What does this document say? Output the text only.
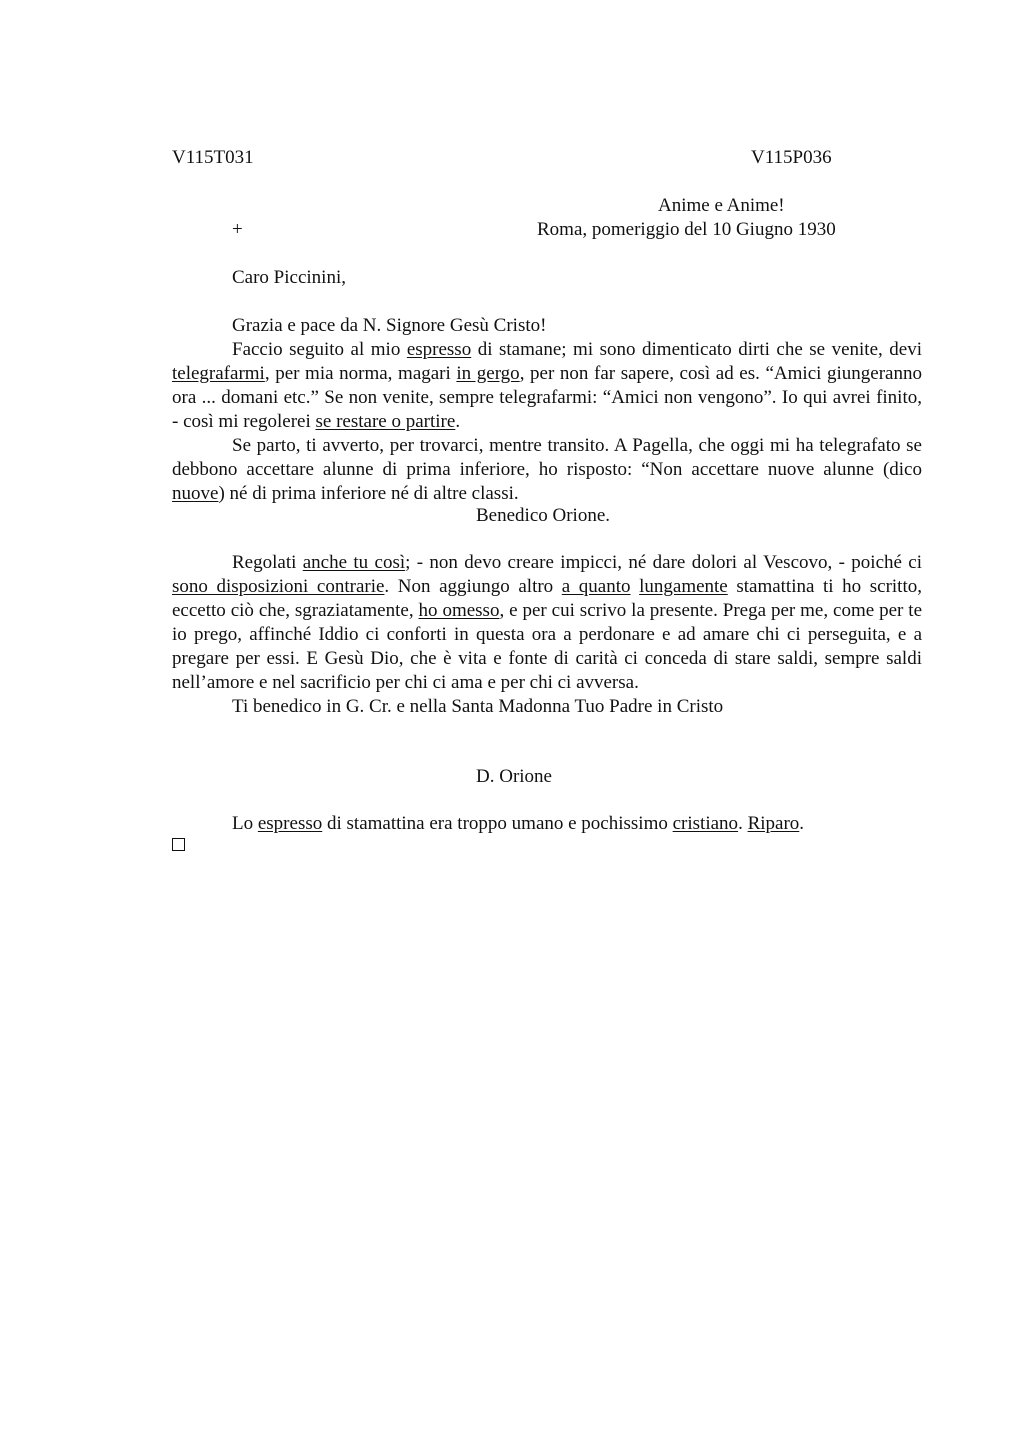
V115T031	V115P036
Anime e Anime!
+	Roma, pomeriggio del 10 Giugno 1930
Caro Piccinini,

Grazia e pace da N. Signore Gesù Cristo!

Faccio seguito al mio espresso di stamane; mi sono dimenticato dirti che se venite, devi telegrafarmi, per mia norma, magari in gergo, per non far sapere, così ad es. “Amici giungeranno ora ... domani etc.” Se non venite, sempre telegrafarmi: “Amici non vengono”. Io qui avrei finito, - così mi regolerei se restare o partire.

Se parto, ti avverto, per trovarci, mentre transito. A Pagella, che oggi mi ha telegrafato se debbono accettare alunne di prima inferiore, ho risposto: “Non accettare nuove alunne (dico nuove) né di prima inferiore né di altre classi.

Benedico Orione.

Regolati anche tu così; - non devo creare impicci, né dare dolori al Vescovo, - poiché ci sono disposizioni contrarie. Non aggiungo altro a quanto lungamente stamattina ti ho scritto, eccetto ciò che, sgraziatamente, ho omesso, e per cui scrivo la presente. Prega per me, come per te io prego, affinché Iddio ci conforti in questa ora a perdonare e ad amare chi ci perseguita, e a pregare per essi. E Gesù Dio, che è vita e fonte di carità ci conceda di stare saldi, sempre saldi nell’amore e nel sacrificio per chi ci ama e per chi ci avversa.

Ti benedico in G. Cr. e nella Santa Madonna Tuo Padre in Cristo

D. Orione
Lo espresso di stamattina era troppo umano e pochissimo cristiano. Riparo.
